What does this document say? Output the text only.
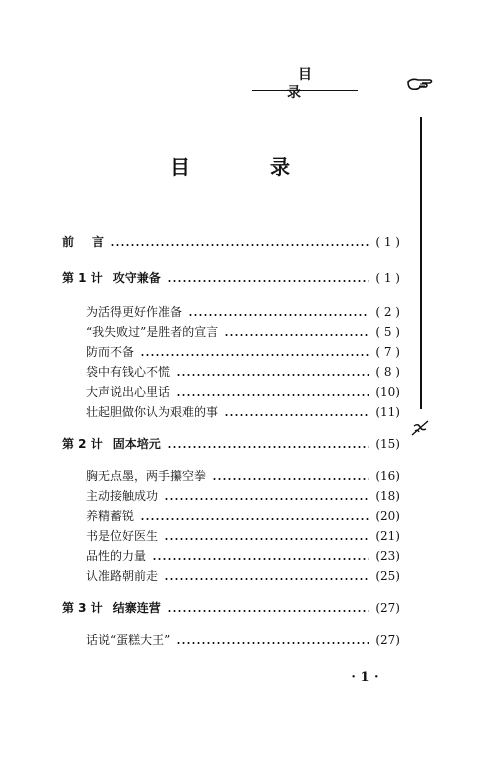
目 录
目	录
前 言	( 1 )
第 1 计 攻守兼备	( 1 )
为活得更好作准备	( 2 )
“我失败过”是胜者的宣言	( 5 )
防而不备	( 7 )
袋中有钱心不慌	( 8 )
大声说出心里话	(10)
壮起胆做你认为艰难的事	(11)
第 2 计 固本培元	(15)
胸无点墨，两手攥空拳	(16)
主动接触成功	(18)
养精蓄锐	(20)
书是位好医生	(21)
品性的力量	(23)
认准路朝前走	(25)
第 3 计 结寨连营	(27)
话说“蛋糕大王”	(27)
· 1 ·
